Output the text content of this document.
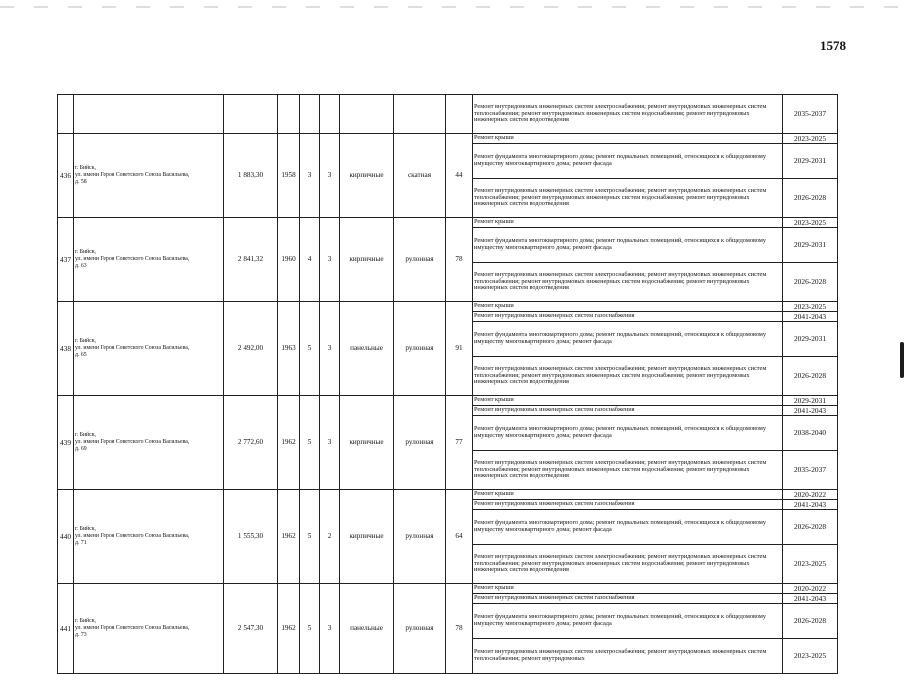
1578

								Ремонт внутридомовых инженерных систем электроснабжения; ремонт внутридомовых инженерных систем теплоснабжения; ремонт внутридомовых инженерных систем водоснабжения; ремонт внутридомовых инженерных систем водоотведения	2035-2037
436	г. Бийск,
ул. имени Героя Советского Союза Васильева,
д. 58	1 883,30	1958	3	3	кирпичные	скатная	44	Ремонт крыши	2023-2025
									Ремонт фундамента многоквартирного дома; ремонт подвальных помещений, относящихся к общедомовому имуществу многоквартирного дома; ремонт фасада	2029-2031
									Ремонт внутридомовых инженерных систем электроснабжения; ремонт внутридомовых инженерных систем теплоснабжения; ремонт внутридомовых инженерных систем водоснабжения; ремонт внутридомовых инженерных систем водоотведения	2026-2028
437	г. Бийск,
ул. имени Героя Советского Союза Васильева,
д. 63	2 841,32	1960	4	3	кирпичные	рулонная	78	Ремонт крыши	2023-2025
									Ремонт фундамента многоквартирного дома; ремонт подвальных помещений, относящихся к общедомовому имуществу многоквартирного дома; ремонт фасада	2029-2031
									Ремонт внутридомовых инженерных систем электроснабжения; ремонт внутридомовых инженерных систем теплоснабжения; ремонт внутридомовых инженерных систем водоснабжения; ремонт внутридомовых инженерных систем водоотведения	2026-2028
438	г. Бийск,
ул. имени Героя Советского Союза Васильева,
д. 65	2 492,00	1963	5	3	панельные	рулонная	91	Ремонт крыши	2023-2025
									Ремонт внутридомовых инженерных систем газоснабжения	2041-2043
									Ремонт фундамента многоквартирного дома; ремонт подвальных помещений, относящихся к общедомовому имуществу многоквартирного дома; ремонт фасада	2029-2031
									Ремонт внутридомовых инженерных систем электроснабжения; ремонт внутридомовых инженерных систем теплоснабжения; ремонт внутридомовых инженерных систем водоснабжения; ремонт внутридомовых инженерных систем водоотведения	2026-2028
439	г. Бийск,
ул. имени Героя Советского Союза Васильева,
д. 69	2 772,60	1962	5	3	кирпичные	рулонная	77	Ремонт крыши	2029-2031
									Ремонт внутридомовых инженерных систем газоснабжения	2041-2043
									Ремонт фундамента многоквартирного дома; ремонт подвальных помещений, относящихся к общедомовому имуществу многоквартирного дома; ремонт фасада	2038-2040
									Ремонт внутридомовых инженерных систем электроснабжения; ремонт внутридомовых инженерных систем теплоснабжения; ремонт внутридомовых инженерных систем водоснабжения; ремонт внутридомовых инженерных систем водоотведения	2035-2037
440	г. Бийск,
ул. имени Героя Советского Союза Васильева,
д. 71	1 555,30	1962	5	2	кирпичные	рулонная	64	Ремонт крыши	2020-2022
									Ремонт внутридомовых инженерных систем газоснабжения	2041-2043
									Ремонт фундамента многоквартирного дома; ремонт подвальных помещений, относящихся к общедомовому имуществу многоквартирного дома; ремонт фасада	2026-2028
									Ремонт внутридомовых инженерных систем электроснабжения; ремонт внутридомовых инженерных систем теплоснабжения; ремонт внутридомовых инженерных систем водоснабжения; ремонт внутридомовых инженерных систем водоотведения	2023-2025
441	г. Бийск,
ул. имени Героя Советского Союза Васильева,
д. 73	2 547,30	1962	5	3	панельные	рулонная	78	Ремонт крыши	2020-2022
									Ремонт внутридомовых инженерных систем газоснабжения	2041-2043
									Ремонт фундамента многоквартирного дома; ремонт подвальных помещений, относящихся к общедомовому имуществу многоквартирного дома; ремонт фасада	2026-2028
									Ремонт внутридомовых инженерных систем электроснабжения; ремонт внутридомовых инженерных систем теплоснабжения; ремонт внутридомовых	2023-2025
